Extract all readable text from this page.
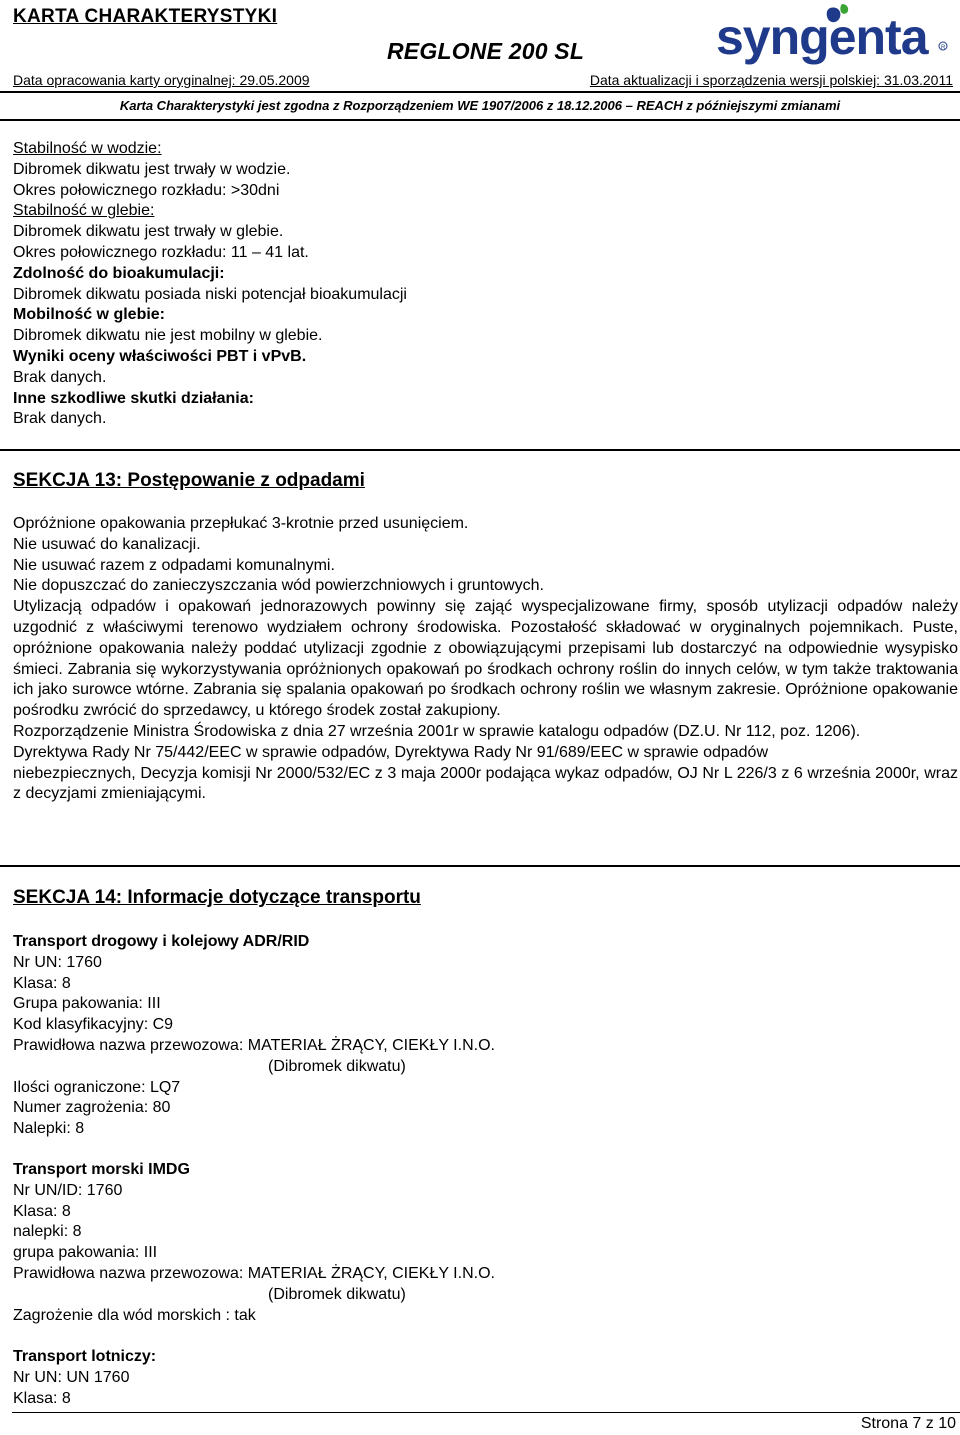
KARTA CHARAKTERYSTYKI
REGLONE 200 SL	syngenta	R
Data opracowania karty oryginalnej: 29.05.2009	Data aktualizacji i sporządzenia wersji polskiej: 31.03.2011
Karta Charakterystyki jest zgodna z Rozporządzeniem WE 1907/2006 z 18.12.2006 – REACH z późniejszymi zmianami

Stabilność w wodzie:

Dibromek dikwatu jest trwały w wodzie.

Okres połowicznego rozkładu: >30dni

Stabilność w glebie:

Dibromek dikwatu jest trwały w glebie.

Okres połowicznego rozkładu: 11 – 41 lat.

Zdolność do bioakumulacji:

Dibromek dikwatu posiada niski potencjał bioakumulacji

Mobilność w glebie:

Dibromek dikwatu nie jest mobilny w glebie.

Wyniki oceny właściwości PBT i vPvB.

Brak danych.

Inne szkodliwe skutki działania:

Brak danych.

SEKCJA 13: Postępowanie z odpadami

Opróżnione opakowania przepłukać 3-krotnie przed usunięciem.

Nie usuwać do kanalizacji.

Nie usuwać razem z odpadami komunalnymi.

Nie dopuszczać do zanieczyszczania wód powierzchniowych i gruntowych.

Utylizacją odpadów i opakowań jednorazowych powinny się zająć wyspecjalizowane firmy, sposób utylizacji odpadów należy uzgodnić z właściwymi terenowo wydziałem ochrony środowiska. Pozostałość składować w oryginalnych pojemnikach. Puste, opróżnione opakowania należy poddać utylizacji zgodnie z obowiązującymi przepisami lub dostarczyć na odpowiednie wysypisko śmieci. Zabrania się wykorzystywania opróżnionych opakowań po środkach ochrony roślin do innych celów, w tym także traktowania ich jako surowce wtórne. Zabrania się spalania opakowań po środkach ochrony roślin we własnym zakresie. Opróżnione opakowanie pośrodku zwrócić do sprzedawcy, u którego środek został zakupiony.

Rozporządzenie Ministra Środowiska z dnia 27 września 2001r w sprawie katalogu odpadów (DZ.U. Nr 112, poz. 1206).

Dyrektywa Rady Nr 75/442/EEC w sprawie odpadów, Dyrektywa Rady Nr 91/689/EEC w sprawie odpadów

niebezpiecznych, Decyzja komisji Nr 2000/532/EC z 3 maja 2000r podająca wykaz odpadów, OJ Nr L 226/3 z 6 września 2000r, wraz z decyzjami zmieniającymi.

SEKCJA 14: Informacje dotyczące transportu

Transport drogowy i kolejowy ADR/RID

Nr UN: 1760

Klasa: 8

Grupa pakowania: III

Kod klasyfikacyjny: C9

Prawidłowa nazwa przewozowa: MATERIAŁ ŻRĄCY, CIEKŁY I.N.O.

(Dibromek dikwatu)

Ilości ograniczone: LQ7

Numer zagrożenia: 80

Nalepki: 8

Transport morski IMDG

Nr UN/ID: 1760

Klasa: 8

nalepki: 8

grupa pakowania: III

Prawidłowa nazwa przewozowa: MATERIAŁ ŻRĄCY, CIEKŁY I.N.O.

(Dibromek dikwatu)

Zagrożenie dla wód morskich : tak

Transport lotniczy:

Nr UN: UN 1760

Klasa: 8

Strona 7 z 10
